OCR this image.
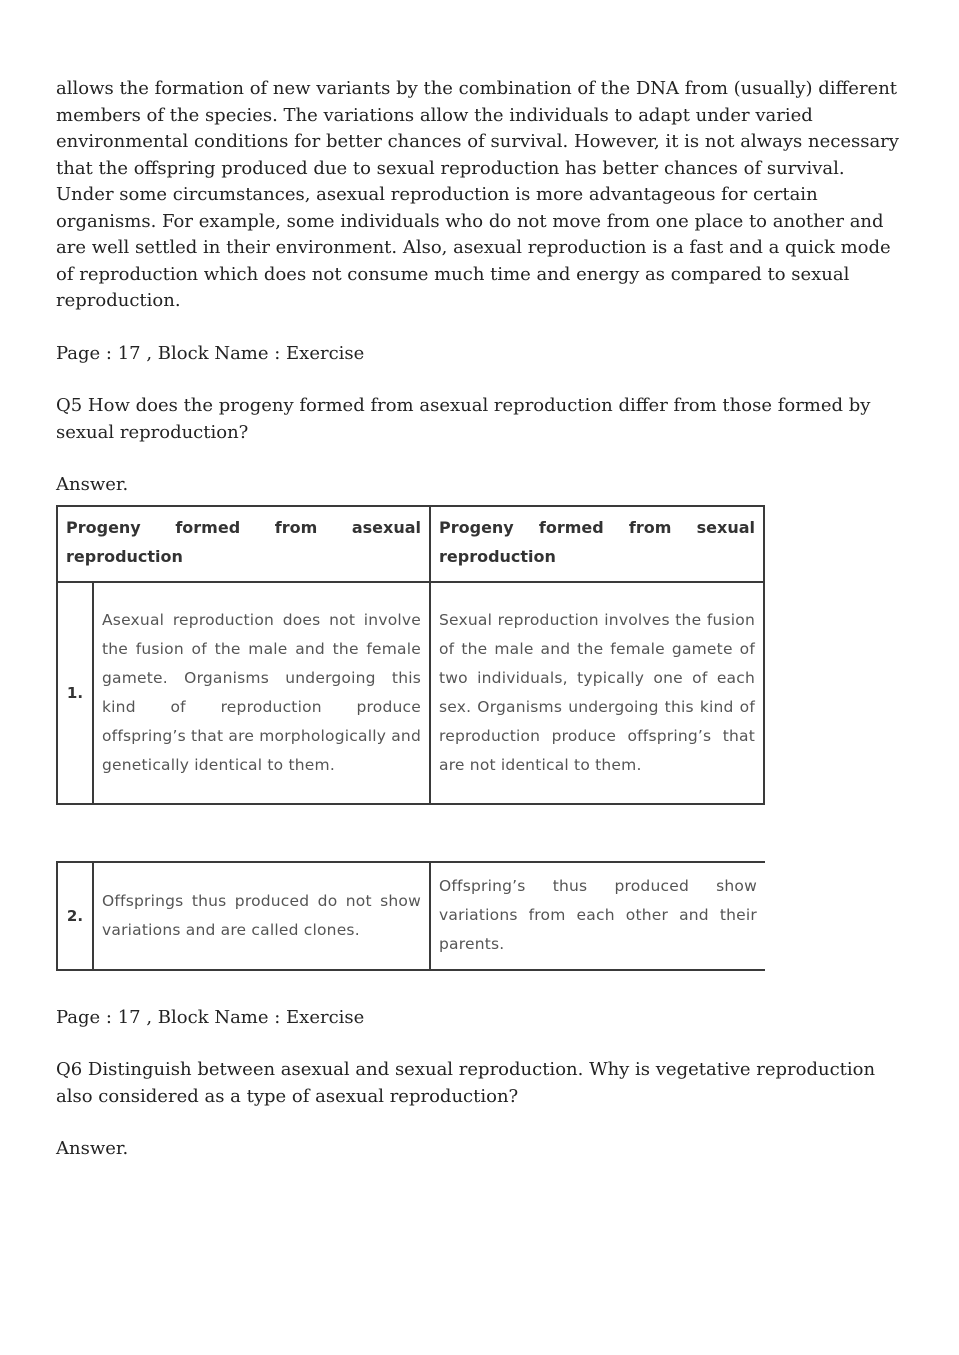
allows the formation of new variants by the combination of the DNA from (usually) different members of the species. The variations allow the individuals to adapt under varied environmental conditions for better chances of survival. However, it is not always necessary that the offspring produced due to sexual reproduction has better chances of survival. Under some circumstances, asexual reproduction is more advantageous for certain organisms. For example, some individuals who do not move from one place to another and are well settled in their environment. Also, asexual reproduction is a fast and a quick mode of reproduction which does not consume much time and energy as compared to sexual reproduction.

Page : 17 , Block Name : Exercise

Q5 How does the progeny formed from asexual reproduction differ from those formed by sexual reproduction?

Answer.

Progeny formed from asexual reproduction
Progeny formed from sexual reproduction
1.
Asexual reproduction does not involve the fusion of the male and the female gamete. Organisms undergoing this kind of reproduction produce offspring’s that are morphologically and genetically identical to them.
Sexual reproduction involves the fusion of the male and the female gamete of two individuals, typically one of each sex. Organisms undergoing this kind of reproduction produce offspring’s that are not identical to them.
2.
Offsprings thus produced do not show variations and are called clones.
Offspring’s thus produced show variations from each other and their parents.

Page : 17 , Block Name : Exercise

Q6 Distinguish between asexual and sexual reproduction. Why is vegetative reproduction also considered as a type of asexual reproduction?

Answer.
